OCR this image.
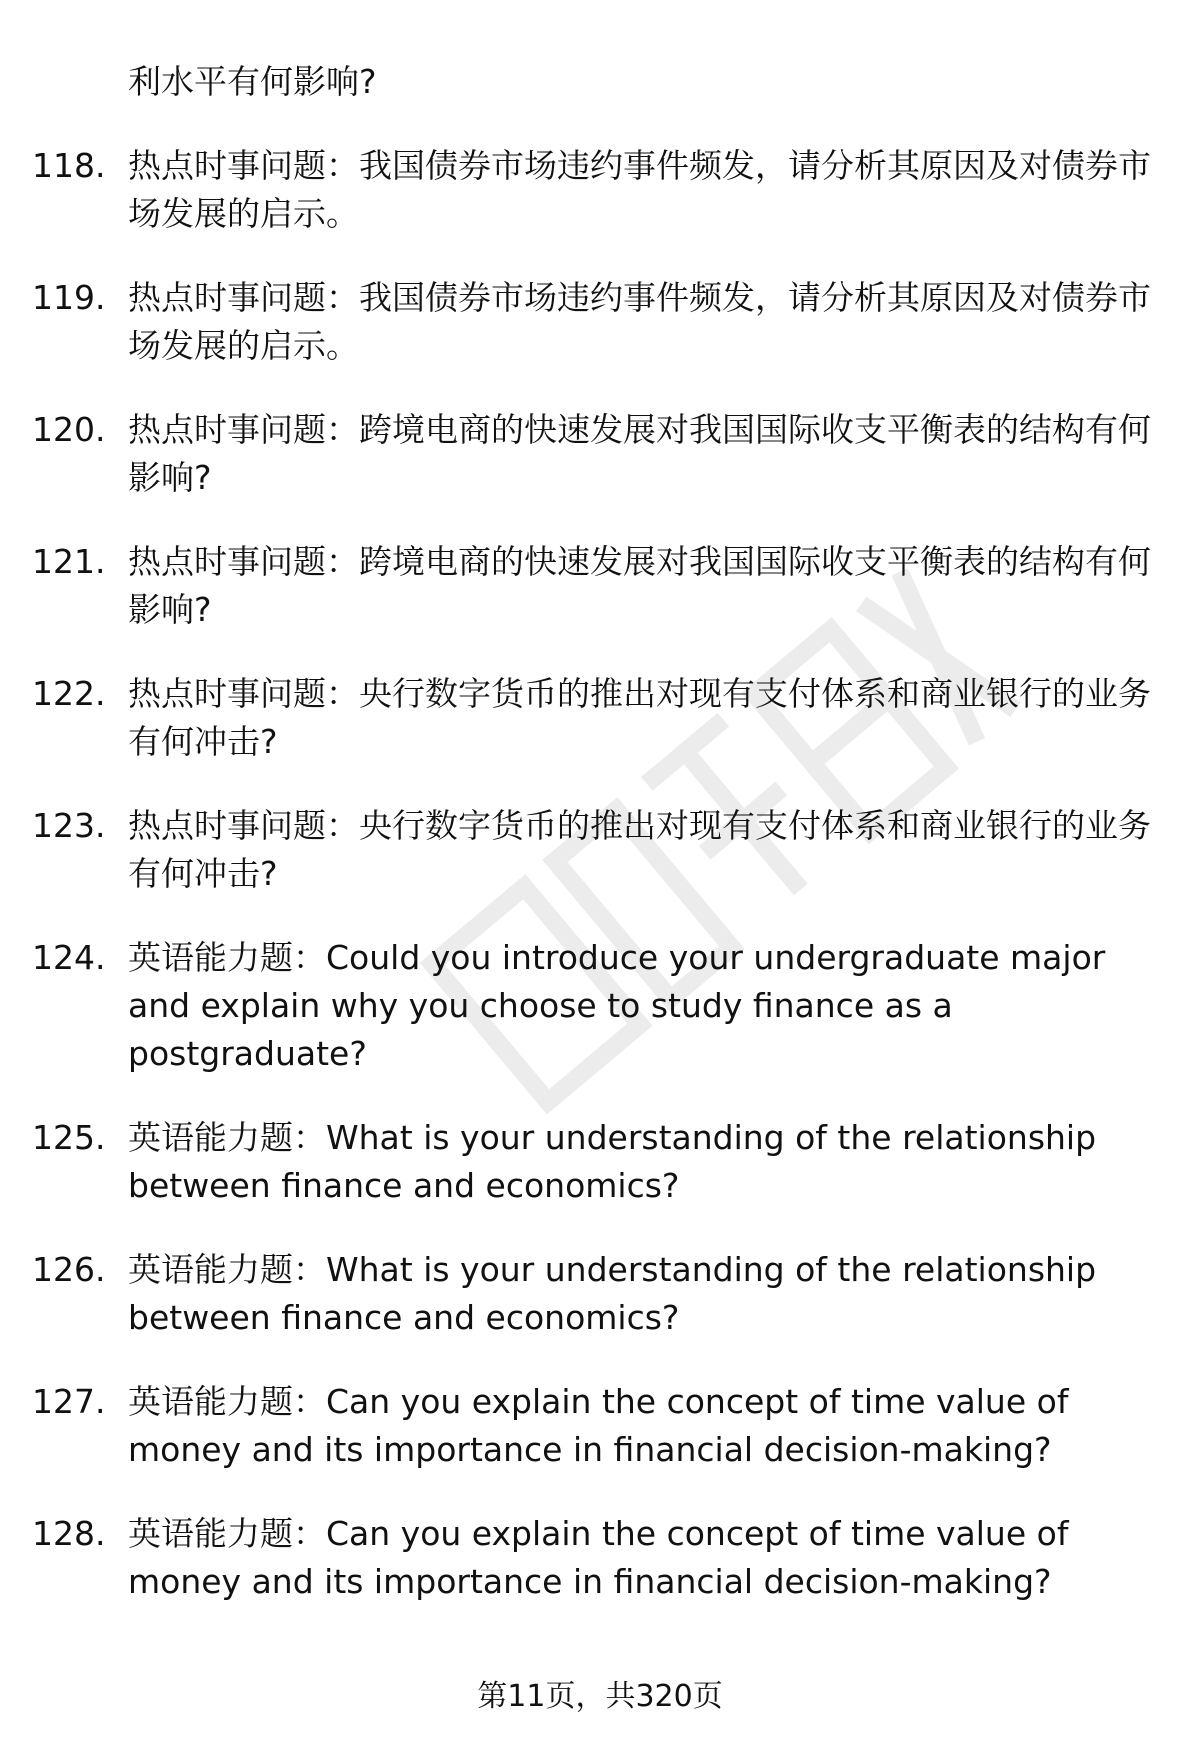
利水平有何影响?
118. 热点时事问题：我国债券市场违约事件频发，请分析其原因及对债券市场发展的启示。
119. 热点时事问题：我国债券市场违约事件频发，请分析其原因及对债券市场发展的启示。
120. 热点时事问题：跨境电商的快速发展对我国国际收支平衡表的结构有何影响?
121. 热点时事问题：跨境电商的快速发展对我国国际收支平衡表的结构有何影响?
122. 热点时事问题：央行数字货币的推出对现有支付体系和商业银行的业务有何冲击?
123. 热点时事问题：央行数字货币的推出对现有支付体系和商业银行的业务有何冲击?
124. 英语能力题：Could you introduce your undergraduate major and explain why you choose to study finance as a postgraduate?
125. 英语能力题：What is your understanding of the relationship between finance and economics?
126. 英语能力题：What is your understanding of the relationship between finance and economics?
127. 英语能力题：Can you explain the concept of time value of money and its importance in financial decision-making?
128. 英语能力题：Can you explain the concept of time value of money and its importance in financial decision-making?
第11页，共320页
